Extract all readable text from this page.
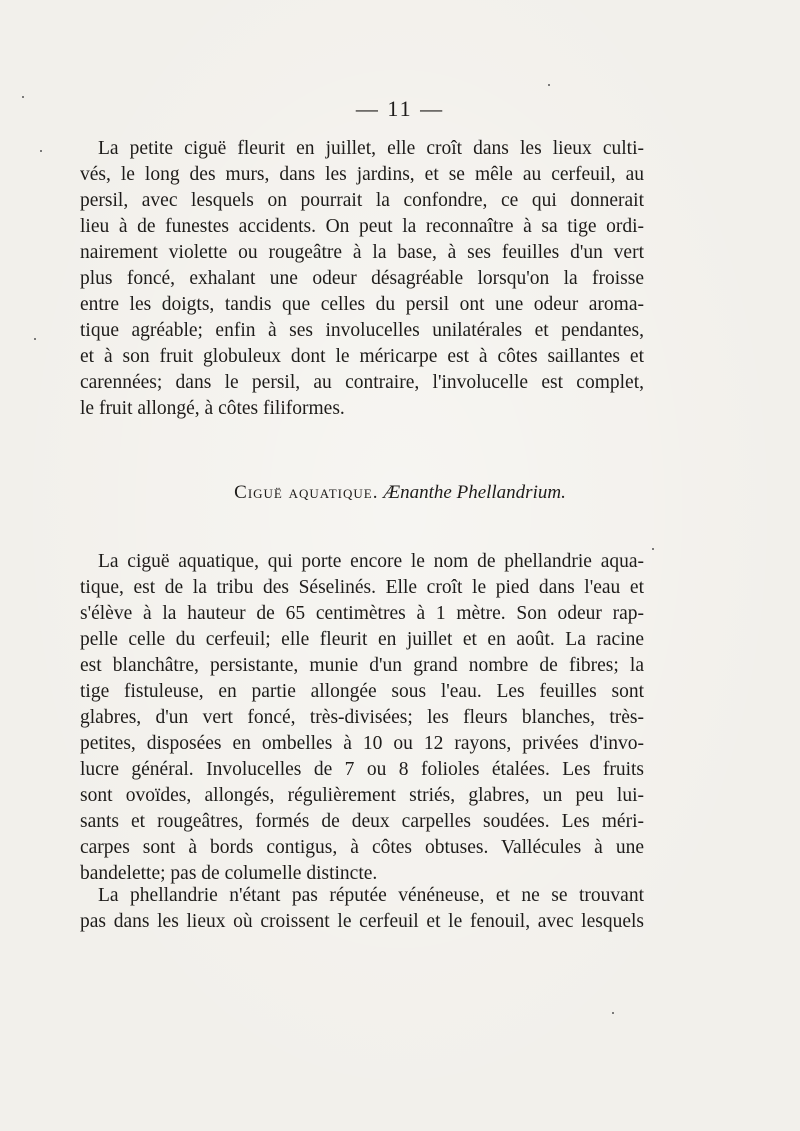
— 11 —

La petite ciguë fleurit en juillet, elle croît dans les lieux culti-
vés, le long des murs, dans les jardins, et se mêle au cerfeuil, au
persil, avec lesquels on pourrait la confondre, ce qui donnerait
lieu à de funestes accidents. On peut la reconnaître à sa tige ordi-
nairement violette ou rougeâtre à la base, à ses feuilles d'un vert
plus foncé, exhalant une odeur désagréable lorsqu'on la froisse
entre les doigts, tandis que celles du persil ont une odeur aroma-
tique agréable; enfin à ses involucelles unilatérales et pendantes,
et à son fruit globuleux dont le méricarpe est à côtes saillantes et
carennées; dans le persil, au contraire, l'involucelle est complet,
le fruit allongé, à côtes filiformes.

Ciguë aquatique. Ænanthe Phellandrium.

La ciguë aquatique, qui porte encore le nom de phellandrie aqua-
tique, est de la tribu des Séselinés. Elle croît le pied dans l'eau et
s'élève à la hauteur de 65 centimètres à 1 mètre. Son odeur rap-
pelle celle du cerfeuil; elle fleurit en juillet et en août. La racine
est blanchâtre, persistante, munie d'un grand nombre de fibres; la
tige fistuleuse, en partie allongée sous l'eau. Les feuilles sont
glabres, d'un vert foncé, très-divisées; les fleurs blanches, très-
petites, disposées en ombelles à 10 ou 12 rayons, privées d'invo-
lucre général. Involucelles de 7 ou 8 folioles étalées. Les fruits
sont ovoïdes, allongés, régulièrement striés, glabres, un peu lui-
sants et rougeâtres, formés de deux carpelles soudées. Les méri-
carpes sont à bords contigus, à côtes obtuses. Vallécules à une
bandelette; pas de columelle distincte.

La phellandrie n'étant pas réputée vénéneuse, et ne se trouvant
pas dans les lieux où croissent le cerfeuil et le fenouil, avec lesquels
